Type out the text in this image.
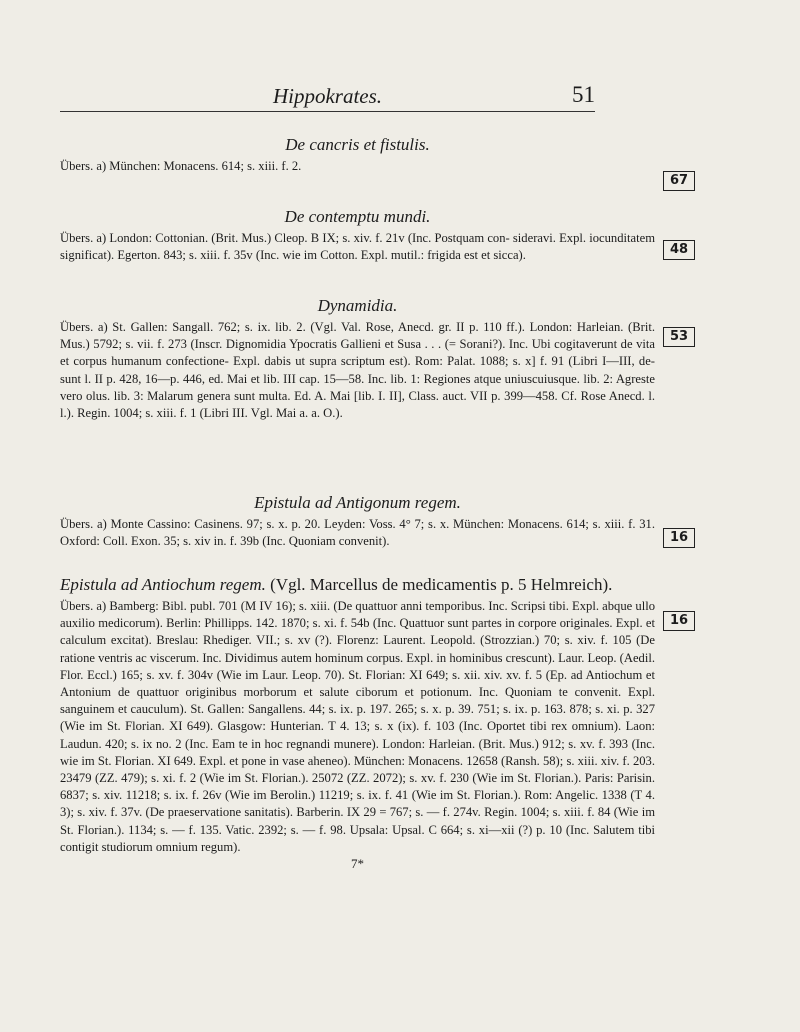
Hippokrates.	51
De cancris et fistulis.

Übers. a) München: Monacens. 614; s. xiii. f. 2.

67
De contemptu mundi.

Übers. a) London: Cottonian. (Brit. Mus.) Cleop. B IX; s. xiv. f. 21v (Inc. Postquam con- sideravi. Expl. iocunditatem significat). Egerton. 843; s. xiii. f. 35v (Inc. wie im Cotton. Expl. mutil.: frigida est et sicca).	48
Dynamidia.

Übers. a) St. Gallen: Sangall. 762; s. ix. lib. 2. (Vgl. Val. Rose, Anecd. gr. II p. 110 ff.). London: Harleian. (Brit. Mus.) 5792; s. vii. f. 273 (Inscr. Dignomidia Ypocratis Gallieni et Susa . . . (= Sorani?). Inc. Ubi cogitaverunt de vita et corpus humanum confectione- Expl. dabis ut supra scriptum est). Rom: Palat. 1088; s. x] f. 91 (Libri I—III, de- sunt l. II p. 428, 16—p. 446, ed. Mai et lib. III cap. 15—58. Inc. lib. 1: Regiones atque uniuscuiusque. lib. 2: Agreste vero olus. lib. 3: Malarum genera sunt multa. Ed. A. Mai [lib. I. II], Class. auct. VII p. 399—458. Cf. Rose Anecd. l. l.). Regin. 1004; s. xiii. f. 1 (Libri III. Vgl. Mai a. a. O.).

53
Epistula ad Antigonum regem.

Übers. a) Monte Cassino: Casinens. 97; s. x. p. 20. Leyden: Voss. 4° 7; s. x. München: Monacens. 614; s. xiii. f. 31. Oxford: Coll. Exon. 35; s. xiv in. f. 39b (Inc. Quoniam convenit).	16
Epistula ad Antiochum regem. (Vgl. Marcellus de medicamentis p. 5 Helmreich).

Übers. a) Bamberg: Bibl. publ. 701 (M IV 16); s. xiii. (De quattuor anni temporibus. Inc. Scripsi tibi. Expl. abque ullo auxilio medicorum). Berlin: Phillipps. 142. 1870; s. xi. f. 54b (Inc. Quattuor sunt partes in corpore originales. Expl. et calculum excitat). Breslau: Rhediger. VII.; s. xv (?). Florenz: Laurent. Leopold. (Strozzian.) 70; s. xiv. f. 105 (De ratione ventris ac viscerum. Inc. Dividimus autem hominum corpus. Expl. in hominibus crescunt). Laur. Leop. (Aedil. Flor. Eccl.) 165; s. xv. f. 304v (Wie im Laur. Leop. 70). St. Florian: XI 649; s. xii. xiv. xv. f. 5 (Ep. ad Antiochum et Antonium de quattuor originibus morborum et salute ciborum et potionum. Inc. Quoniam te convenit. Expl. sanguinem et cauculum). St. Gallen: Sangallens. 44; s. ix. p. 197. 265; s. x. p. 39. 751; s. ix. p. 163. 878; s. xi. p. 327 (Wie im St. Florian. XI 649). Glasgow: Hunterian. T 4. 13; s. x (ix). f. 103 (Inc. Oportet tibi rex omnium). Laon: Laudun. 420; s. ix no. 2 (Inc. Eam te in hoc regnandi munere). London: Harleian. (Brit. Mus.) 912; s. xv. f. 393 (Inc. wie im St. Florian. XI 649. Expl. et pone in vase aheneo). München: Monacens. 12658 (Ransh. 58); s. xiii. xiv. f. 203. 23479 (ZZ. 479); s. xi. f. 2 (Wie im St. Florian.). 25072 (ZZ. 2072); s. xv. f. 230 (Wie im St. Florian.). Paris: Parisin. 6837; s. xiv. 11218; s. ix. f. 26v (Wie im Berolin.) 11219; s. ix. f. 41 (Wie im St. Florian.). Rom: Angelic. 1338 (T 4. 3); s. xiv. f. 37v. (De praeservatione sanitatis). Barberin. IX 29 = 767; s. — f. 274v. Regin. 1004; s. xiii. f. 84 (Wie im St. Florian.). 1134; s. — f. 135. Vatic. 2392; s. — f. 98. Upsala: Upsal. C 664; s. xi—xii (?) p. 10 (Inc. Salutem tibi contigit studiorum omnium regum).

7*
16
